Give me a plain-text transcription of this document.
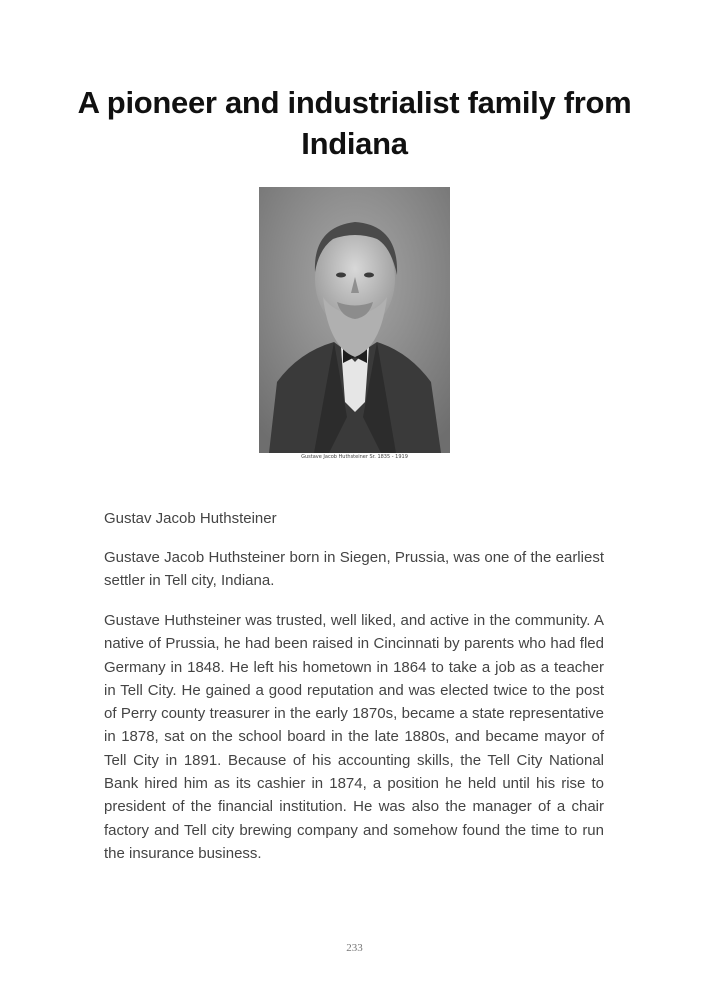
A pioneer and industrialist family from Indiana
Gustave Jacob Huthsteiner Sr. 1835 - 1919

Gustav Jacob Huthsteiner

Gustave Jacob Huthsteiner born in Siegen, Prussia, was one of the earliest settler in Tell city, Indiana.

Gustave Huthsteiner was trusted, well liked, and active in the community. A native of Prussia, he had been raised in Cincinnati by parents who had fled Germany in 1848. He left his hometown in 1864 to take a job as a teacher in Tell City. He gained a good reputation and was elected twice to the post of Perry county treasurer in the early 1870s, became a state representative in 1878, sat on the school board in the late 1880s, and became mayor of Tell City in 1891. Because of his accounting skills, the Tell City National Bank hired him as its cashier in 1874, a position he held until his rise to president of the financial institution. He was also the manager of a chair factory and Tell city brewing company and somehow found the time to run the insurance business.

233
